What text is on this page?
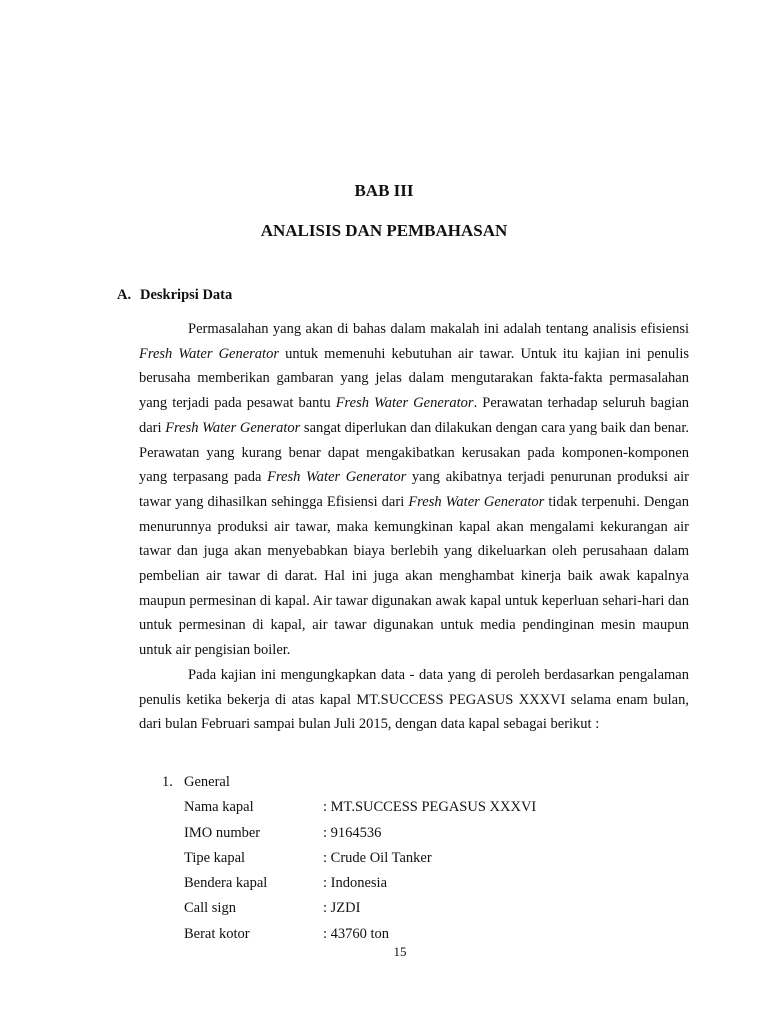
BAB III
ANALISIS DAN PEMBAHASAN
A. Deskripsi Data

Permasalahan yang akan di bahas dalam makalah ini adalah tentang analisis efisiensi Fresh Water Generator untuk memenuhi kebutuhan air tawar. Untuk itu kajian ini penulis berusaha memberikan gambaran yang jelas dalam mengutarakan fakta-fakta permasalahan yang terjadi pada pesawat bantu Fresh Water Generator. Perawatan terhadap seluruh bagian dari Fresh Water Generator sangat diperlukan dan dilakukan dengan cara yang baik dan benar. Perawatan yang kurang benar dapat mengakibatkan kerusakan pada komponen-komponen yang terpasang pada Fresh Water Generator yang akibatnya terjadi penurunan produksi air tawar yang dihasilkan sehingga Efisiensi dari Fresh Water Generator tidak terpenuhi. Dengan menurunnya produksi air tawar, maka kemungkinan kapal akan mengalami kekurangan air tawar dan juga akan menyebabkan biaya berlebih yang dikeluarkan oleh perusahaan dalam pembelian air tawar di darat. Hal ini juga akan menghambat kinerja baik awak kapalnya maupun permesinan di kapal. Air tawar digunakan awak kapal untuk keperluan sehari-hari dan untuk permesinan di kapal, air tawar digunakan untuk media pendinginan mesin maupun untuk air pengisian boiler.

Pada kajian ini mengungkapkan data - data yang di peroleh berdasarkan pengalaman penulis ketika bekerja di atas kapal MT.SUCCESS PEGASUS XXXVI selama enam bulan, dari bulan Februari sampai bulan Juli 2015, dengan data kapal sebagai berikut :

1. General
Nama kapal	: MT.SUCCESS PEGASUS XXXVI
IMO number	: 9164536
Tipe kapal	: Crude Oil Tanker
Bendera kapal	: Indonesia
Call sign	: JZDI
Berat kotor	: 43760 ton
15
